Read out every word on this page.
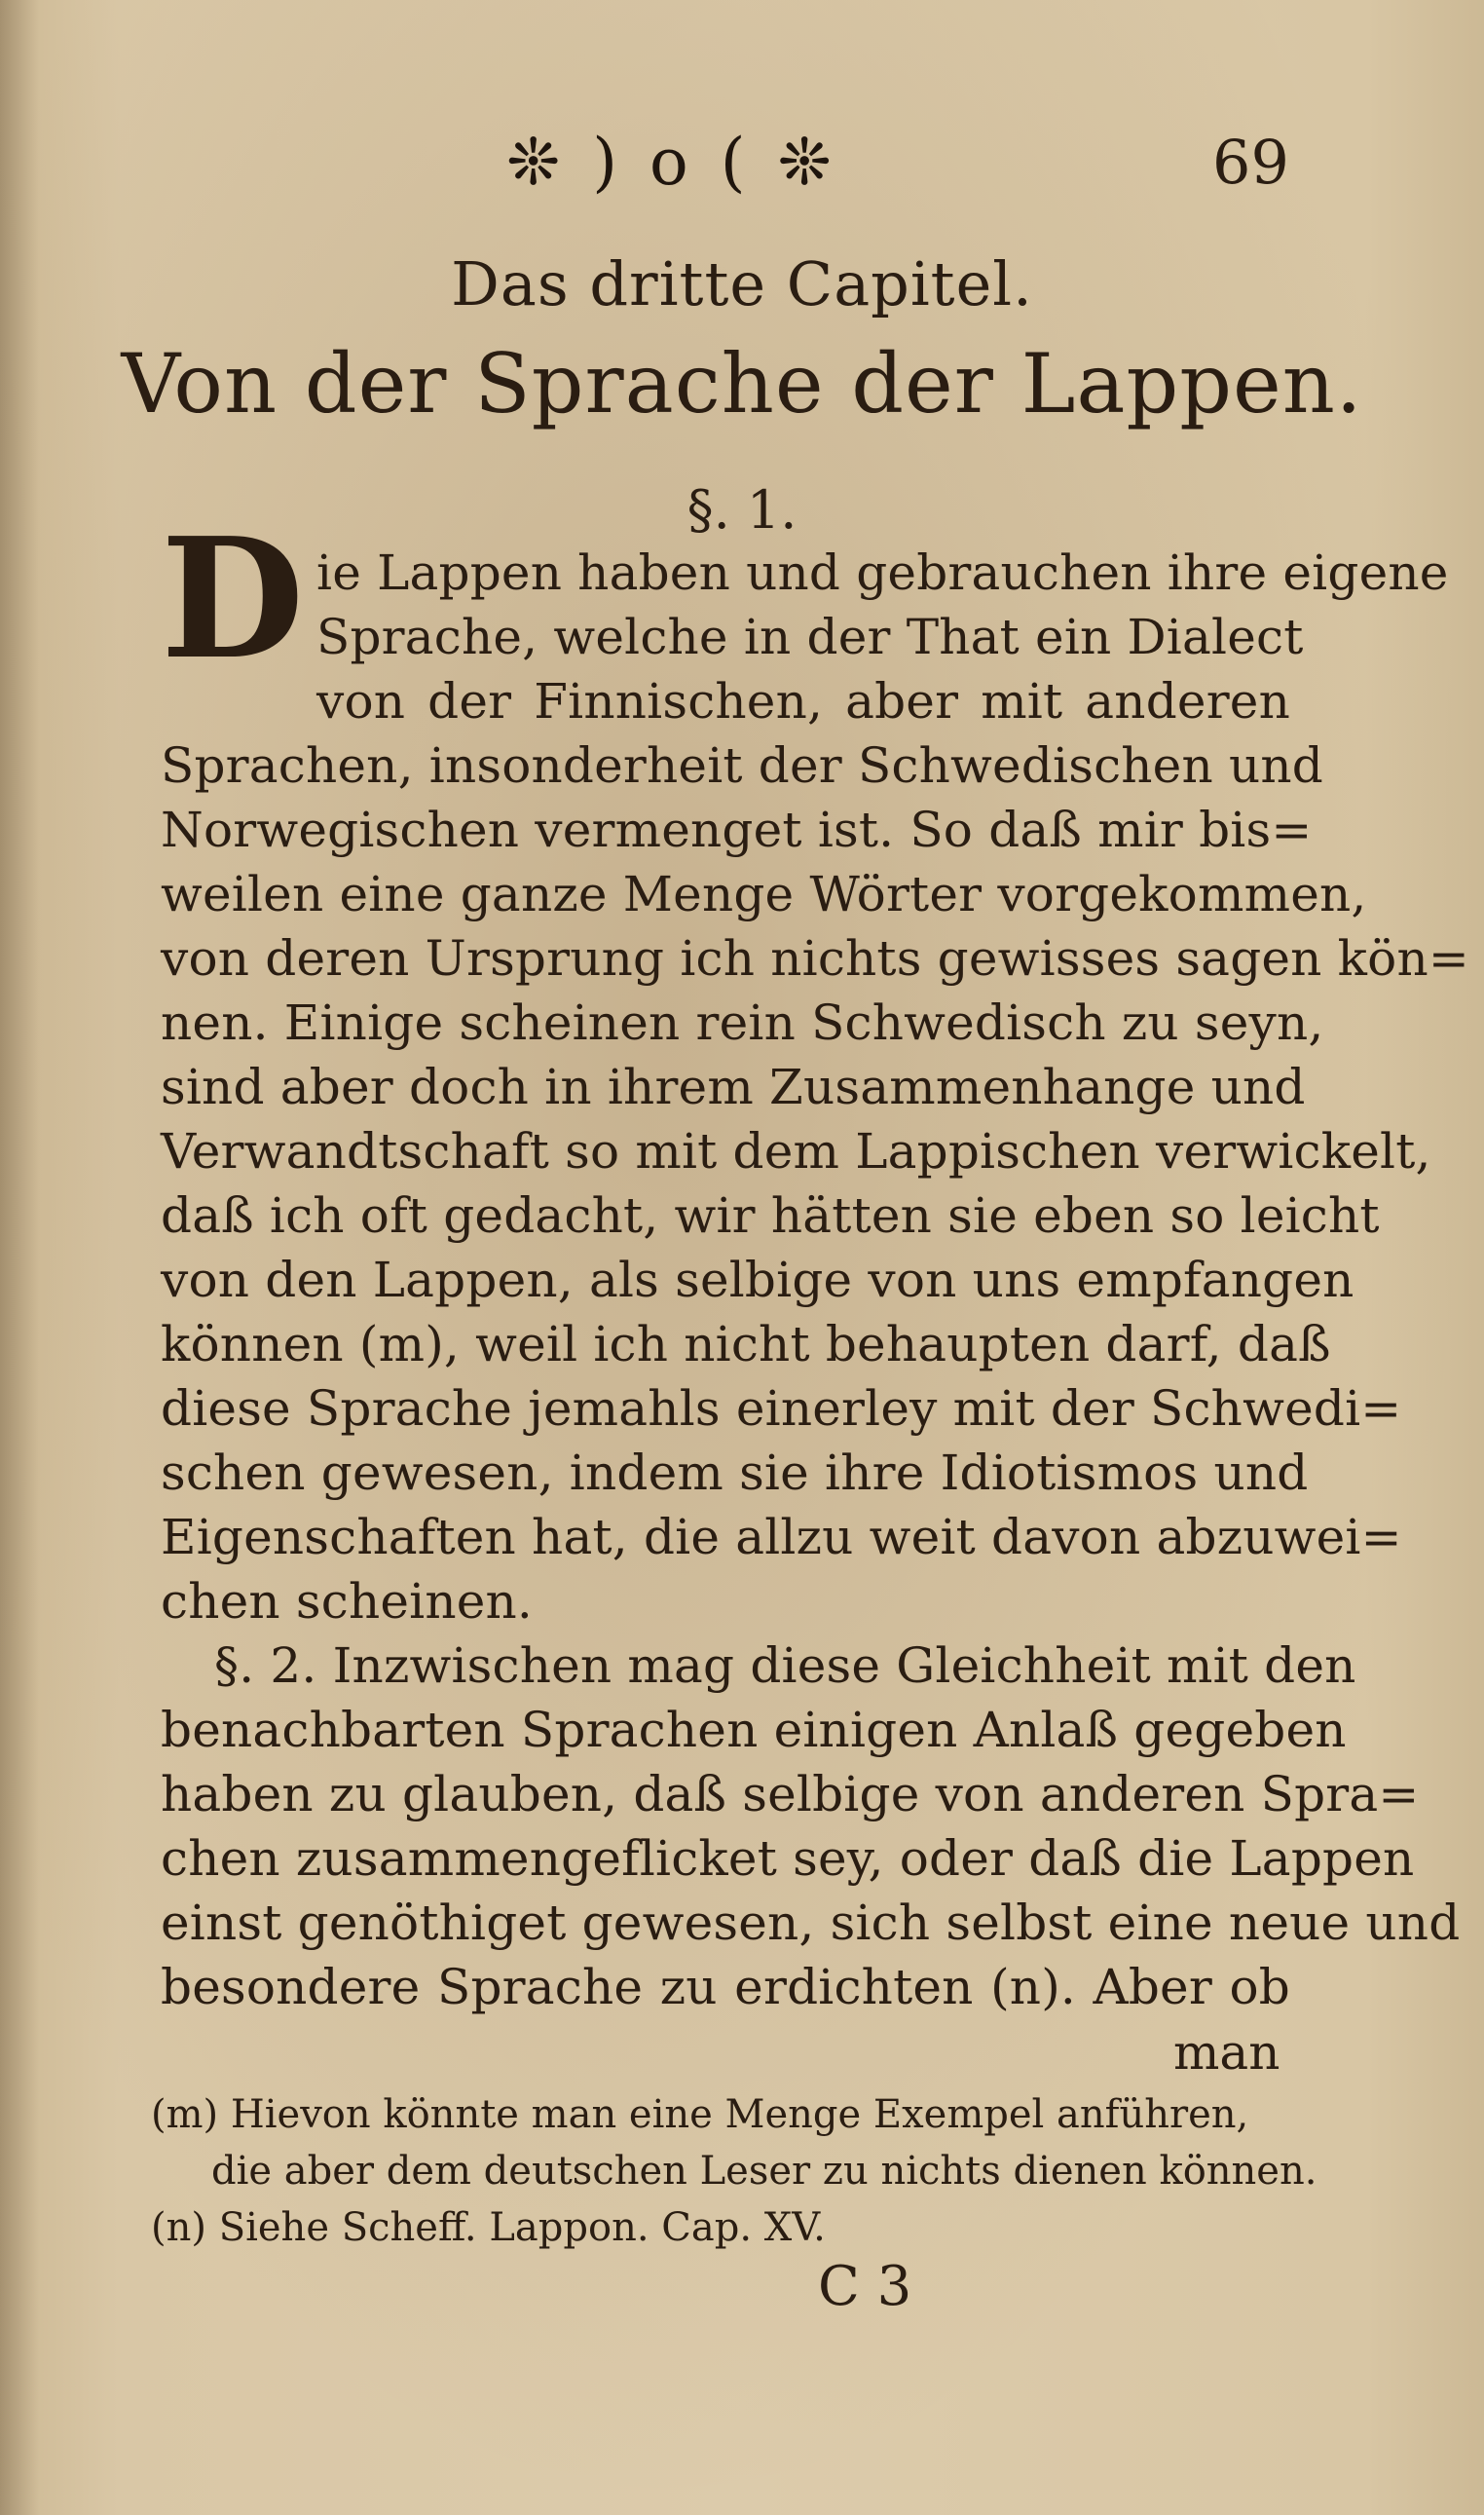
❊ ) o ( ❊	69
Das dritte Capitel.
Von der Sprache der Lappen.
§. 1.
D ie Lappen haben und gebrauchen ihre eigene
Sprache, welche in der That ein Dialect
von der Finnischen, aber mit anderen
Sprachen, insonderheit der Schwedischen und
Norwegischen vermenget ist. So daß mir bis=
weilen eine ganze Menge Wörter vorgekommen,
von deren Ursprung ich nichts gewisses sagen kön=
nen. Einige scheinen rein Schwedisch zu seyn,
sind aber doch in ihrem Zusammenhange und
Verwandtschaft so mit dem Lappischen verwickelt,
daß ich oft gedacht, wir hätten sie eben so leicht
von den Lappen, als selbige von uns empfangen
können (m), weil ich nicht behaupten darf, daß
diese Sprache jemahls einerley mit der Schwedi=
schen gewesen, indem sie ihre Idiotismos und
Eigenschaften hat, die allzu weit davon abzuwei=
chen scheinen.
§. 2. Inzwischen mag diese Gleichheit mit den
benachbarten Sprachen einigen Anlaß gegeben
haben zu glauben, daß selbige von anderen Spra=
chen zusammengeflicket sey, oder daß die Lappen
einst genöthiget gewesen, sich selbst eine neue und
besondere Sprache zu erdichten (n). Aber ob
man
(m) Hievon könnte man eine Menge Exempel anführen,
die aber dem deutschen Leser zu nichts dienen können.
(n) Siehe Scheff. Lappon. Cap. XV.
C 3
